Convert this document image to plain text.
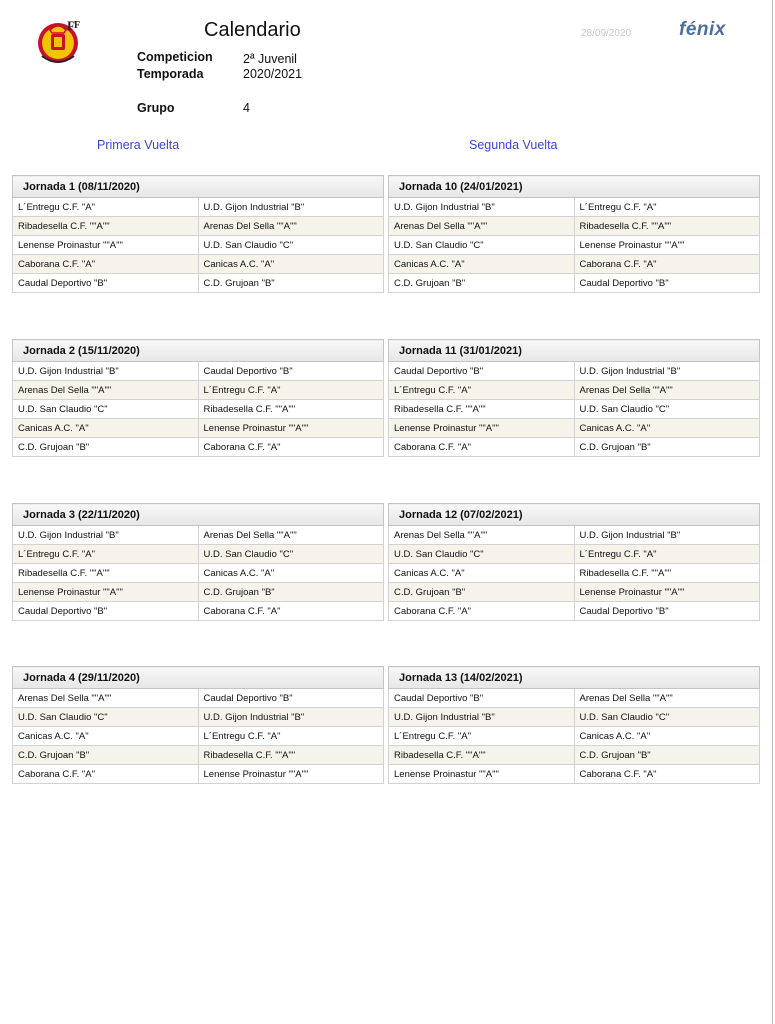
F F	Calendario	28/09/2020	fénix
Competicion 2ª Juvenil
Temporada	2020/2021
Grupo	4
Primera Vuelta	Segunda Vuelta
Jornada 1 (08/11/2020)	
L´Entregu C.F. "A"	U.D. Gijon Industrial "B"
Ribadesella C.F. ""A""	Arenas Del Sella ""A""
Lenense Proinastur ""A""	U.D. San Claudio "C"
Caborana C.F. "A"	Canicas A.C. "A"
Caudal Deportivo "B"	C.D. Grujoan "B"
Jornada 10 (24/01/2021)	
U.D. Gijon Industrial "B"	L´Entregu C.F. "A"
Arenas Del Sella ""A""	Ribadesella C.F. ""A""
U.D. San Claudio "C"	Lenense Proinastur ""A""
Canicas A.C. "A"	Caborana C.F. "A"
C.D. Grujoan "B"	Caudal Deportivo "B"
Jornada 2 (15/11/2020)	
U.D. Gijon Industrial "B"	Caudal Deportivo "B"
Arenas Del Sella ""A""	L´Entregu C.F. "A"
U.D. San Claudio "C"	Ribadesella C.F. ""A""
Canicas A.C. "A"	Lenense Proinastur ""A""
C.D. Grujoan "B"	Caborana C.F. "A"
Jornada 11 (31/01/2021)	
Caudal Deportivo "B"	U.D. Gijon Industrial "B"
L´Entregu C.F. "A"	Arenas Del Sella ""A""
Ribadesella C.F. ""A""	U.D. San Claudio "C"
Lenense Proinastur ""A""	Canicas A.C. "A"
Caborana C.F. "A"	C.D. Grujoan "B"
Jornada 3 (22/11/2020)	
U.D. Gijon Industrial "B"	Arenas Del Sella ""A""
L´Entregu C.F. "A"	U.D. San Claudio "C"
Ribadesella C.F. ""A""	Canicas A.C. "A"
Lenense Proinastur ""A""	C.D. Grujoan "B"
Caudal Deportivo "B"	Caborana C.F. "A"
Jornada 12 (07/02/2021)	
Arenas Del Sella ""A""	U.D. Gijon Industrial "B"
U.D. San Claudio "C"	L´Entregu C.F. "A"
Canicas A.C. "A"	Ribadesella C.F. ""A""
C.D. Grujoan "B"	Lenense Proinastur ""A""
Caborana C.F. "A"	Caudal Deportivo "B"
Jornada 4 (29/11/2020)	
Arenas Del Sella ""A""	Caudal Deportivo "B"
U.D. San Claudio "C"	U.D. Gijon Industrial "B"
Canicas A.C. "A"	L´Entregu C.F. "A"
C.D. Grujoan "B"	Ribadesella C.F. ""A""
Caborana C.F. "A"	Lenense Proinastur ""A""
Jornada 13 (14/02/2021)	
Caudal Deportivo "B"	Arenas Del Sella ""A""
U.D. Gijon Industrial "B"	U.D. San Claudio "C"
L´Entregu C.F. "A"	Canicas A.C. "A"
Ribadesella C.F. ""A""	C.D. Grujoan "B"
Lenense Proinastur ""A""	Caborana C.F. "A"
